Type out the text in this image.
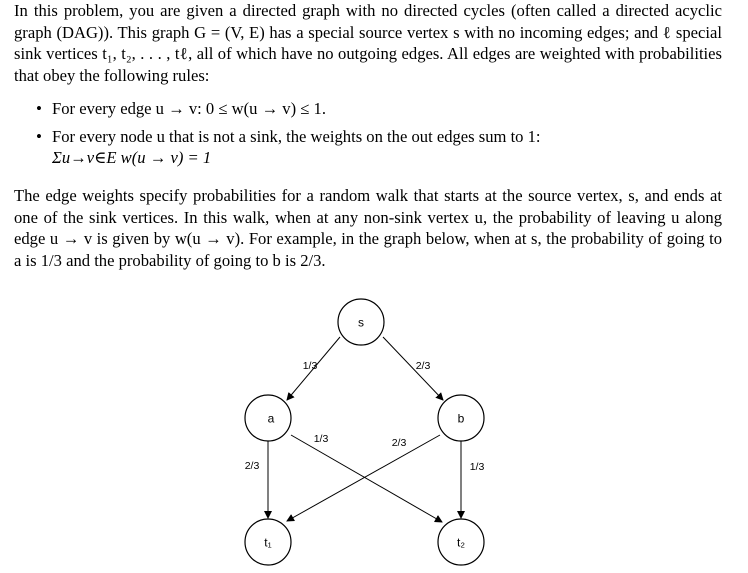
In this problem, you are given a directed graph with no directed cycles (often called a directed acyclic graph (DAG)). This graph G = (V, E) has a special source vertex s with no incoming edges; and ℓ special sink vertices t₁, t₂, . . . , tℓ, all of which have no outgoing edges. All edges are weighted with probabilities that obey the following rules:
• For every edge u → v: 0 ≤ w(u → v) ≤ 1.
• For every node u that is not a sink, the weights on the out edges sum to 1:
Σu→v∈E w(u → v) = 1
The edge weights specify probabilities for a random walk that starts at the source vertex, s, and ends at one of the sink vertices. In this walk, when at any non-sink vertex u, the probability of leaving u along edge u → v is given by w(u → v). For example, in the graph below, when at s, the probability of going to a is 1/3 and the probability of going to b is 2/3.
s
a	b
t₁	t₂
1/3	2/3
1/3	2/3
2/3	1/3
